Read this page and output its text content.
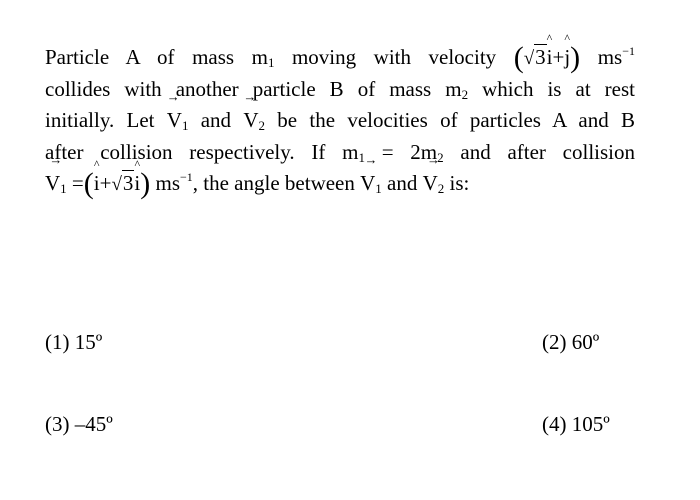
Particle A of mass $m_1$ moving with velocity (√3^ i+^ j) $ms^{-1}$
collides with another particle B of mass $m_2$ which is at rest
initially. Let → $V_1$ and → $V_2$ be the velocities of particles A and B
after collision respectively. If $m_1 = 2m_2$ and after collision
→ $V_1$ =(^ i+√3^ i) $ms^{-1}$, the angle between → $V_1$ and → $V_2$ is:
(1) 15º	(2) 60º
(3) –45º	(4) 105º
